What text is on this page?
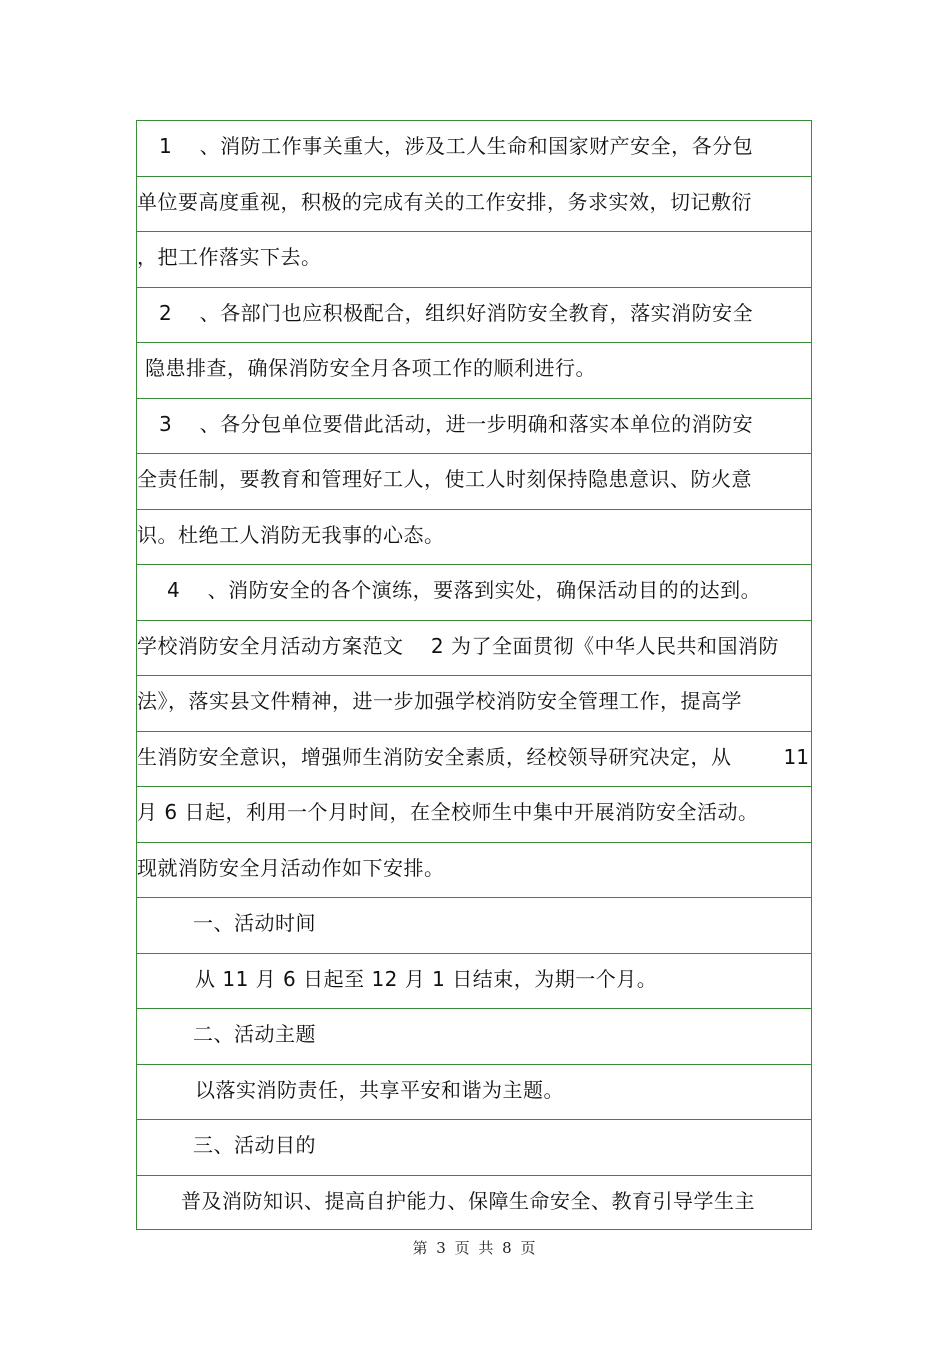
1 　、消防工作事关重大，涉及工人生命和国家财产安全，各分包
单位要高度重视，积极的完成有关的工作安排，务求实效，切记敷衍
，把工作落实下去。
2 　、各部门也应积极配合，组织好消防安全教育，落实消防安全
隐患排查，确保消防安全月各项工作的顺利进行。
3 　、各分包单位要借此活动，进一步明确和落实本单位的消防安
全责任制，要教育和管理好工人，使工人时刻保持隐患意识、防火意
识。杜绝工人消防无我事的心态。
4 　、消防安全的各个演练，要落到实处，确保活动目的的达到。
学校消防安全月活动方案范文 　2 为了全面贯彻《中华人民共和国消防
法》，落实县文件精神，进一步加强学校消防安全管理工作，提高学
生消防安全意识，增强师生消防安全素质，经校领导研究决定，从	11
月 6 日起，利用一个月时间，在全校师生中集中开展消防安全活动。
现就消防安全月活动作如下安排。
一、活动时间
从 11 月 6 日起至 12 月 1 日结束，为期一个月。
二、活动主题
以落实消防责任，共享平安和谐为主题。
三、活动目的
普及消防知识、提高自护能力、保障生命安全、教育引导学生主
第 3 页 共 8 页
